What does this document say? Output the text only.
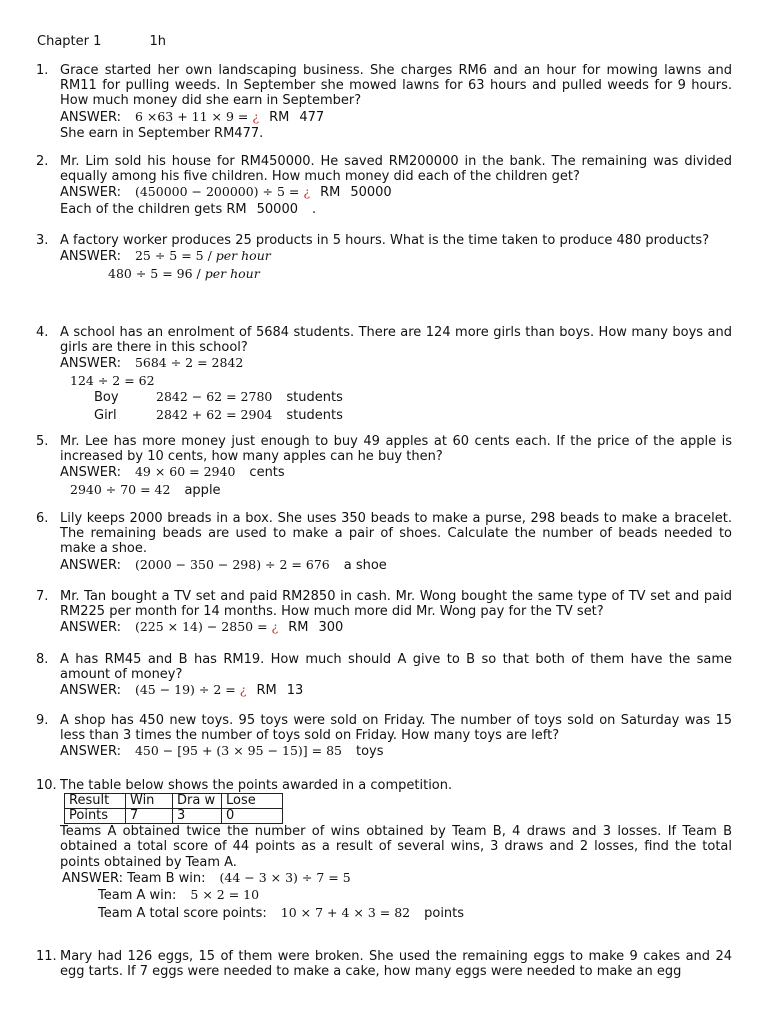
Chapter 1	1h
1. Grace started her own landscaping business. She charges RM6 and an hour for mowing lawns and RM11 for pulling weeds. In September she mowed lawns for 63 hours and pulled weeds for 9 hours. How much money did she earn in September?

ANSWER: 6 ×63 + 11 × 9 = ¿ RM 477
She earn in September RM477.
2. Mr. Lim sold his house for RM450000. He saved RM200000 in the bank. The remaining was divided equally among his five children. How much money did each of the children get?

ANSWER: (450000 − 200000) ÷ 5 = ¿ RM 50000
Each of the children gets RM 50000 .
3. A factory worker produces 25 products in 5 hours. What is the time taken to produce 480 products?

ANSWER: 25 ÷ 5 = 5 / per hour
480 ÷ 5 = 96 / per hour
4. A school has an enrolment of 5684 students. There are 124 more girls than boys. How many boys and girls are there in this school?

ANSWER: 5684 ÷ 2 = 2842
124 ÷ 2 = 62
Boy	2842 − 62 = 2780 students
Girl	2842 + 62 = 2904 students
5. Mr. Lee has more money just enough to buy 49 apples at 60 cents each. If the price of the apple is increased by 10 cents, how many apples can he buy then?

ANSWER: 49 × 60 = 2940 cents
2940 ÷ 70 = 42 apple
6. Lily keeps 2000 breads in a box. She uses 350 beads to make a purse, 298 beads to make a bracelet. The remaining beads are used to make a pair of shoes. Calculate the number of beads needed to make a shoe.

ANSWER: (2000 − 350 − 298) ÷ 2 = 676 a shoe
7. Mr. Tan bought a TV set and paid RM2850 in cash. Mr. Wong bought the same type of TV set and paid RM225 per month for 14 months. How much more did Mr. Wong pay for the TV set?

ANSWER: (225 × 14) − 2850 = ¿ RM 300
8. A has RM45 and B has RM19. How much should A give to B so that both of them have the same amount of money?

ANSWER: (45 − 19) ÷ 2 = ¿ RM 13
9. A shop has 450 new toys. 95 toys were sold on Friday. The number of toys sold on Saturday was 15 less than 3 times the number of toys sold on Friday. How many toys are left?

ANSWER: 450 − [95 + (3 × 95 − 15)] = 85 toys
10. The table below shows the points awarded in a competition.

Result	Win	Dra w	Lose
Points	7	3	0

Teams A obtained twice the number of wins obtained by Team B, 4 draws and 3 losses. If Team B obtained a total score of 44 points as a result of several wins, 3 draws and 2 losses, find the total points obtained by Team A.

ANSWER: Team B win: (44 − 3 × 3) ÷ 7 = 5
Team A win: 5 × 2 = 10
Team A total score points: 10 × 7 + 4 × 3 = 82 points
11. Mary had 126 eggs, 15 of them were broken. She used the remaining eggs to make 9 cakes and 24 egg tarts. If 7 eggs were needed to make a cake, how many eggs were needed to make an egg
